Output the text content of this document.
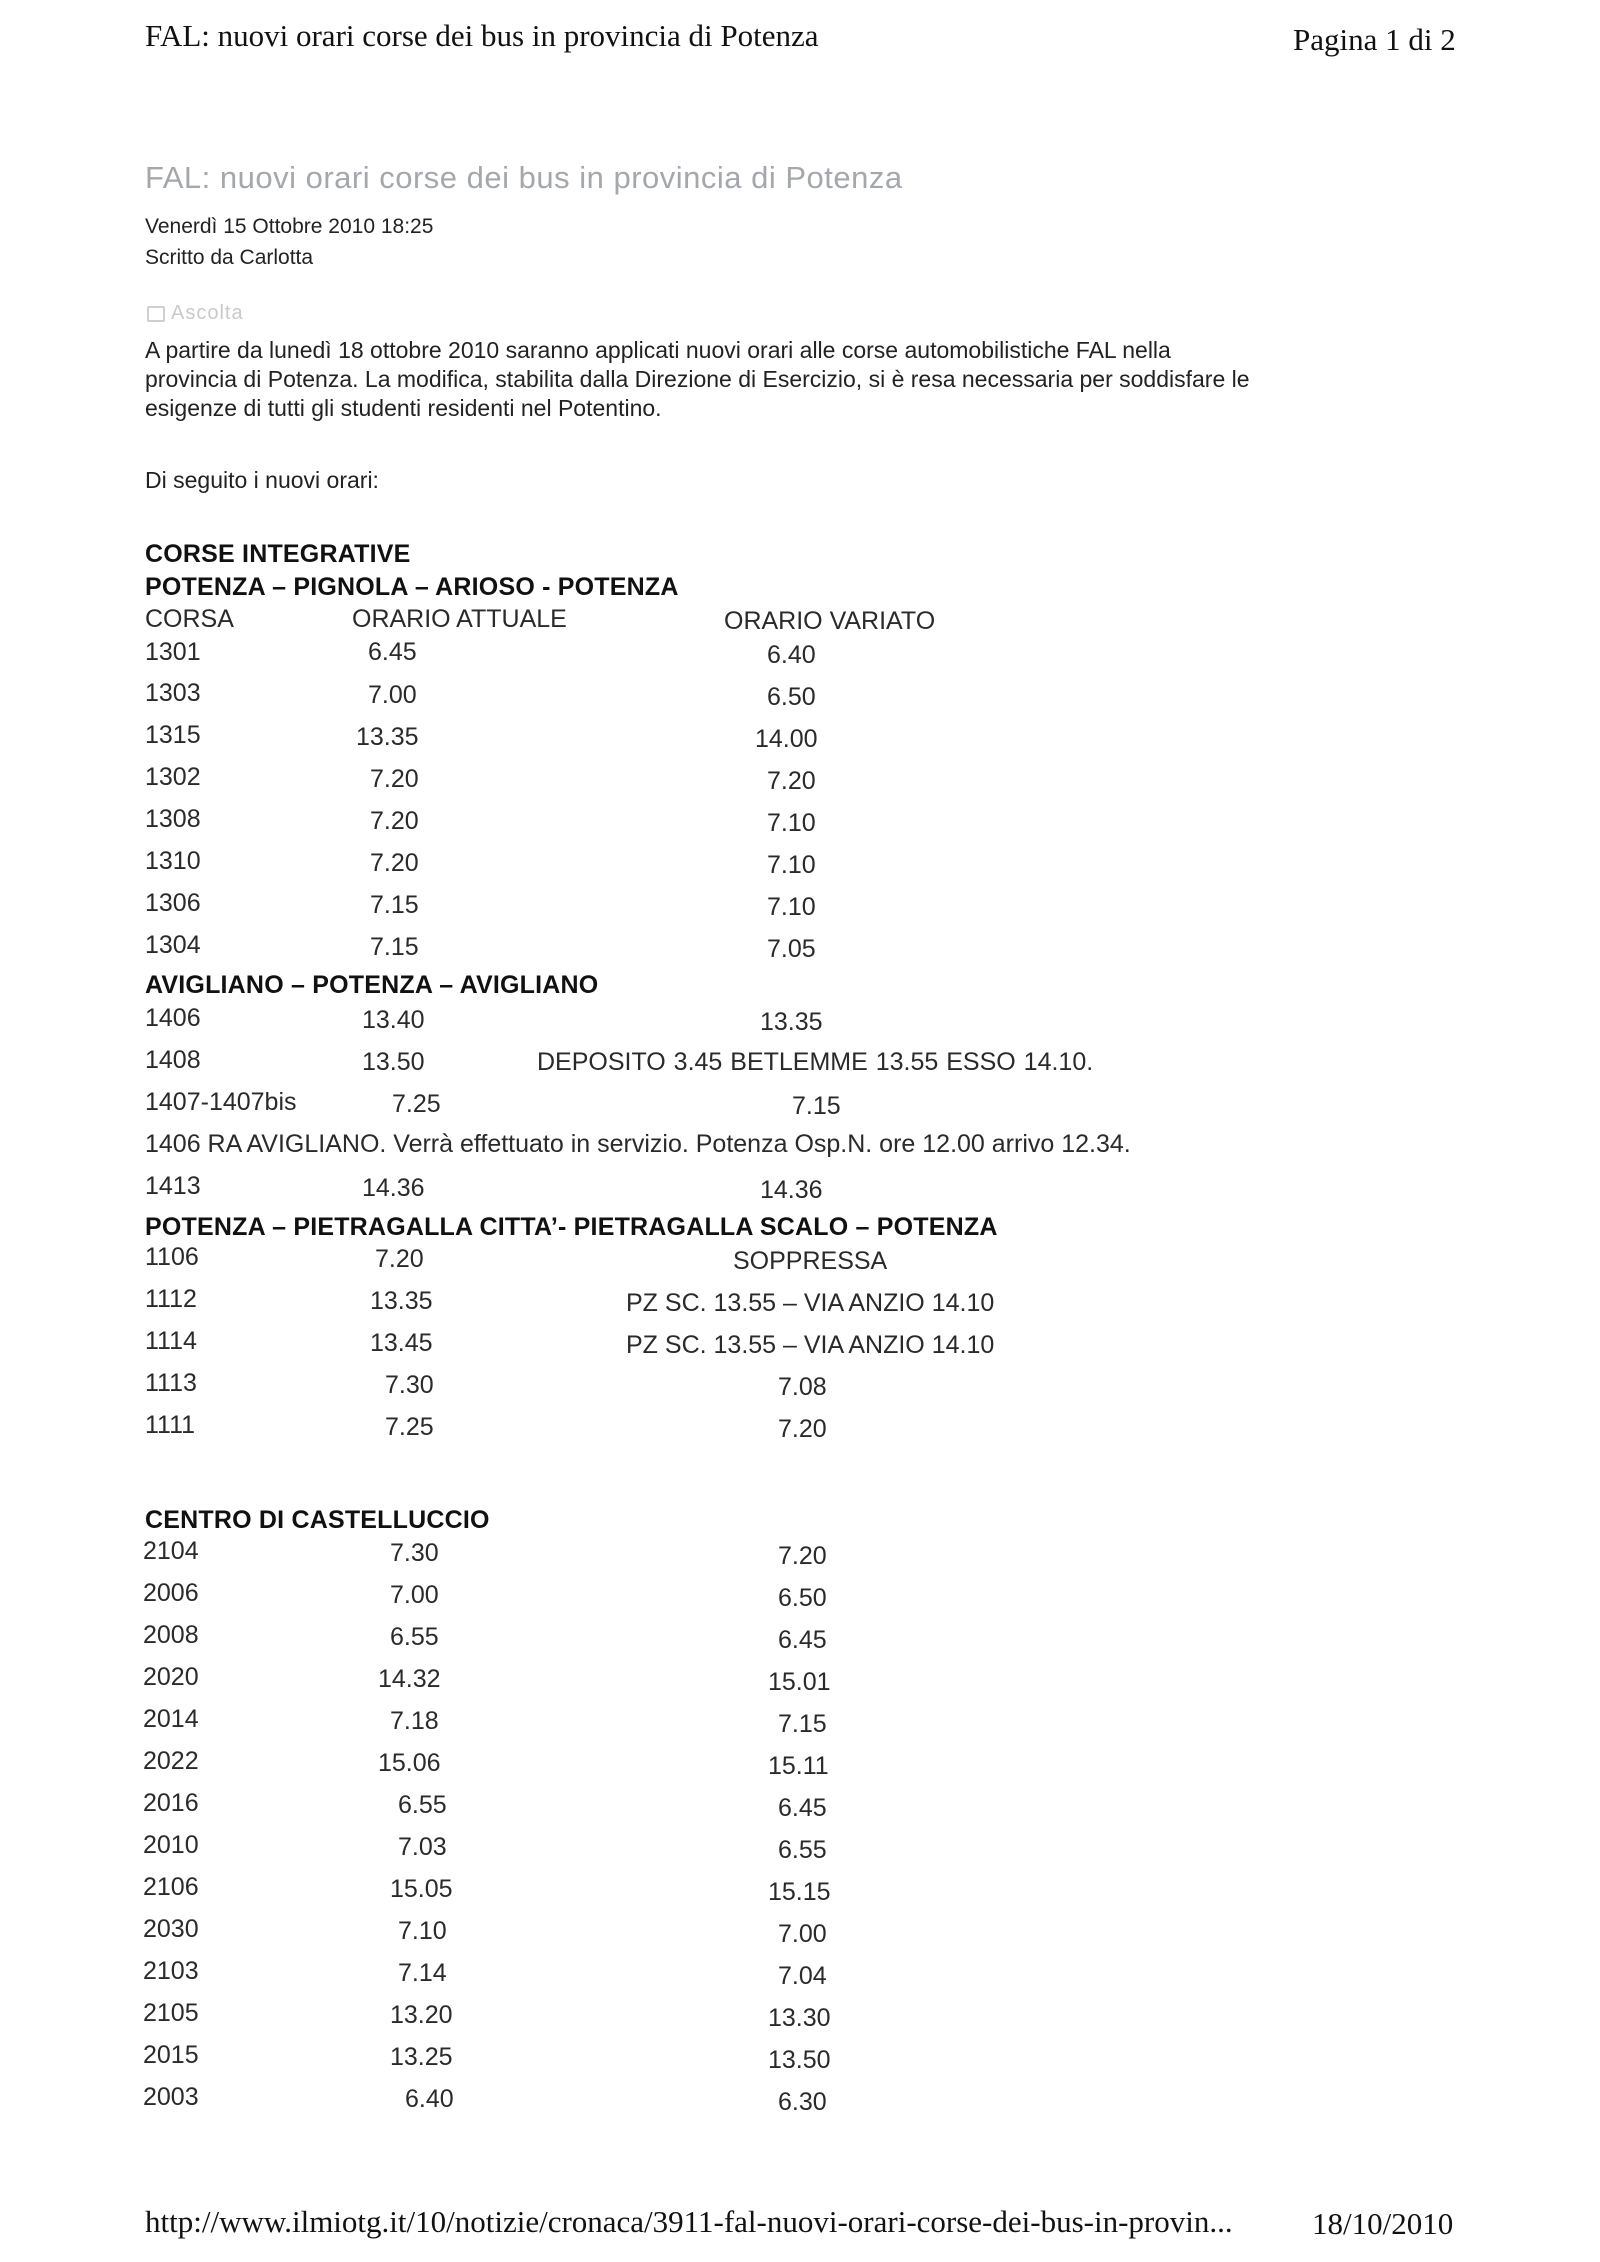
FAL: nuovi orari corse dei bus in provincia di Potenza	Pagina 1 di 2
FAL: nuovi orari corse dei bus in provincia di Potenza
Venerdì 15 Ottobre 2010 18:25
Scritto da Carlotta
Ascolta
A partire da lunedì 18 ottobre 2010 saranno applicati nuovi orari alle corse automobilistiche FAL nella
provincia di Potenza. La modifica, stabilita dalla Direzione di Esercizio, si è resa necessaria per soddisfare le
esigenze di tutti gli studenti residenti nel Potentino.
Di seguito i nuovi orari:
CORSE INTEGRATIVE
POTENZA – PIGNOLA – ARIOSO - POTENZA
CORSA	ORARIO ATTUALE	ORARIO VARIATO
1301	6.45	6.40
1303	7.00	6.50
1315	13.35	14.00
1302	7.20	7.20
1308	7.20	7.10
1310	7.20	7.10
1306	7.15	7.10
1304	7.15	7.05
AVIGLIANO – POTENZA – AVIGLIANO
1406	13.40	13.35
1408	13.50	DEPOSITO 3.45 BETLEMME 13.55 ESSO 14.10.
1407-1407bis	7.25	7.15
1406 RA AVIGLIANO. Verrà effettuato in servizio. Potenza Osp.N. ore 12.00 arrivo 12.34.
1413	14.36	14.36
POTENZA – PIETRAGALLA CITTA’- PIETRAGALLA SCALO – POTENZA
1106	7.20	SOPPRESSA
1112	13.35	PZ SC. 13.55 – VIA ANZIO 14.10
1114	13.45	PZ SC. 13.55 – VIA ANZIO 14.10
1113	7.30	7.08
1111	7.25	7.20
CENTRO DI CASTELLUCCIO
2104	7.30	7.20
2006	7.00	6.50
2008	6.55	6.45
2020	14.32	15.01
2014	7.18	7.15
2022	15.06	15.11
2016	6.55	6.45
2010	7.03	6.55
2106	15.05	15.15
2030	7.10	7.00
2103	7.14	7.04
2105	13.20	13.30
2015	13.25	13.50
2003	6.40	6.30
http://www.ilmiotg.it/10/notizie/cronaca/3911-fal-nuovi-orari-corse-dei-bus-in-provin...	18/10/2010
